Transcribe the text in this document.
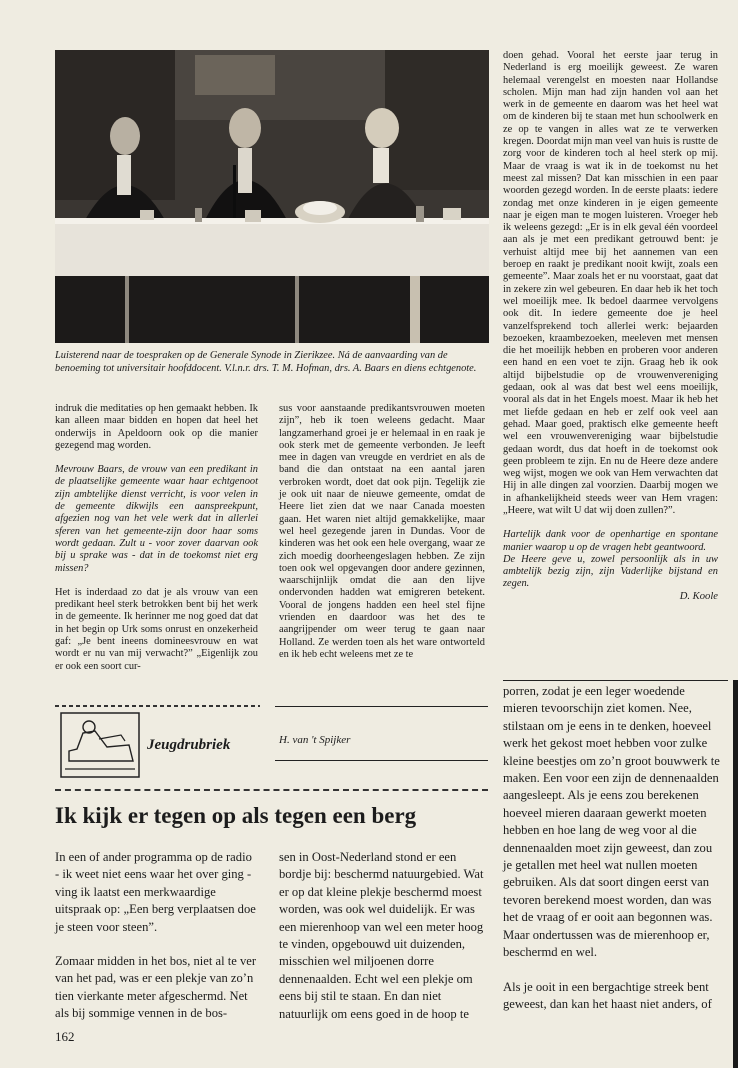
Luisterend naar de toespraken op de Generale Synode in Zierikzee. Ná de aanvaarding van de benoeming tot universitair hoofddocent. V.l.n.r. drs. T. M. Hofman, drs. A. Baars en diens echtgenote.

indruk die meditaties op hen gemaakt hebben. Ik kan alleen maar bidden en hopen dat heel het onderwijs in Apeldoorn ook op die manier gezegend mag worden.

Mevrouw Baars, de vrouw van een predikant in de plaatselijke gemeente waar haar echtgenoot zijn ambtelijke dienst verricht, is voor velen in de gemeente dikwijls een aanspreekpunt, afgezien nog van het vele werk dat in allerlei sferen van het gemeente-zijn door haar soms wordt gedaan. Zult u - voor zover daarvan ook bij u sprake was - dat in de toekomst niet erg missen?

Het is inderdaad zo dat je als vrouw van een predikant heel sterk betrokken bent bij het werk in de gemeente. Ik herinner me nog goed dat dat in het begin op Urk soms onrust en onzekerheid gaf: „Je bent ineens domineesvrouw en wat wordt er nu van mij verwacht?” „Eigenlijk zou er ook een soort cur-

sus voor aanstaande predikantsvrouwen moeten zijn”, heb ik toen weleens gedacht. Maar langzamerhand groei je er helemaal in en raak je ook sterk met de gemeente verbonden. Je leeft mee in dagen van vreugde en verdriet en als de band die dan ontstaat na een aantal jaren verbroken wordt, doet dat ook pijn. Tegelijk zie je ook uit naar de nieuwe gemeente, omdat de Heere liet zien dat we naar Canada moesten gaan. Het waren niet altijd gemakkelijke, maar wel heel gezegende jaren in Dundas. Voor de kinderen was het ook een hele overgang, waar ze zich moedig doorheengeslagen hebben. Ze zijn toen ook wel opgevangen door andere gezinnen, waarschijnlijk omdat die aan den lijve ondervonden hadden wat emigreren betekent. Vooral de jongens hadden een heel stel fijne vrienden en daardoor was het des te aangrijpender om weer terug te gaan naar Holland. Ze werden toen als het ware ontworteld en ik heb echt weleens met ze te

doen gehad. Vooral het eerste jaar terug in Nederland is erg moeilijk geweest. Ze waren helemaal verengelst en moesten naar Hollandse scholen. Mijn man had zijn handen vol aan het werk in de gemeente en daarom was het heel wat om de kinderen bij te staan met hun schoolwerk en ze op te vangen in alles wat ze te verwerken kregen. Doordat mijn man veel van huis is rustte de zorg voor de kinderen toch al heel sterk op mij. Maar de vraag is wat ik in de toekomst nu het meest zal missen? Dat kan misschien in een paar woorden gezegd worden. In de eerste plaats: iedere zondag met onze kinderen in je eigen gemeente naar je eigen man te mogen luisteren. Vroeger heb ik weleens gezegd: „Er is in elk geval één voordeel aan als je met een predikant getrouwd bent: je verhuist altijd mee bij het aannemen van een beroep en raakt je predikant nooit kwijt, zoals een gemeente”. Maar zoals het er nu voorstaat, gaat dat in zekere zin wel gebeuren. En daar heb ik het toch wel moeilijk mee. Ik bedoel daarmee vervolgens ook dit. In iedere gemeente doe je heel vanzelfsprekend toch allerlei werk: bejaarden bezoeken, kraambezoeken, meeleven met mensen die het moeilijk hebben en proberen voor anderen een hand en een voet te zijn. Graag heb ik ook altijd bijbelstudie op de vrouwenvereniging gedaan, ook al was dat best wel eens moeilijk, vooral als dat in het Engels moest. Maar ik heb het met liefde gedaan en heb er zelf ook veel aan gehad. Maar goed, praktisch elke gemeente heeft wel een vrouwenvereniging waar bijbelstudie gedaan wordt, dus dat hoeft in de toekomst ook geen probleem te zijn. En nu de Heere deze andere weg wijst, mogen we ook van Hem verwachten dat Hij in alle dingen zal voorzien. Daarbij mogen we in afhankelijkheid steeds weer van Hem vragen: „Heere, wat wilt U dat wij doen zullen?”.

Hartelijk dank voor de openhartige en spontane manier waarop u op de vragen hebt geantwoord.

De Heere geve u, zowel persoonlijk als in uw ambtelijk bezig zijn, zijn Vaderlijke bijstand en zegen.

D. Koole
Jeugdrubriek	H. van 't Spijker
Ik kijk er tegen op als tegen een berg

In een of ander programma op de radio - ik weet niet eens waar het over ging - ving ik laatst een merkwaardige uitspraak op: „Een berg verplaatsen doe je steen voor steen”.

Zomaar midden in het bos, niet al te ver van het pad, was er een plekje van zo’n tien vierkante meter afgeschermd. Net als bij sommige vennen in de bos-

sen in Oost-Nederland stond er een bordje bij: beschermd natuurgebied. Wat er op dat kleine plekje beschermd moest worden, was ook wel duidelijk. Er was een mierenhoop van wel een meter hoog te vinden, opgebouwd uit duizenden, misschien wel miljoenen dorre dennenaalden. Echt wel een plekje om eens bij stil te staan. En dan niet natuurlijk om eens goed in de hoop te

porren, zodat je een leger woedende mieren tevoorschijn ziet komen. Nee, stilstaan om je eens in te denken, hoeveel werk het gekost moet hebben voor zulke kleine beestjes om zo’n groot bouwwerk te maken. Een voor een zijn de dennenaalden aangesleept. Als je eens zou berekenen hoeveel mieren daaraan gewerkt moeten hebben en hoe lang de weg voor al die dennenaalden moet zijn geweest, dan zou je getallen met heel wat nullen moeten gebruiken. Als dat soort dingen eerst van tevoren berekend moest worden, dan was het de vraag of er ooit aan begonnen was. Maar ondertussen was de mierenhoop er, beschermd en wel.

Als je ooit in een bergachtige streek bent geweest, dan kan het haast niet anders, of

162
